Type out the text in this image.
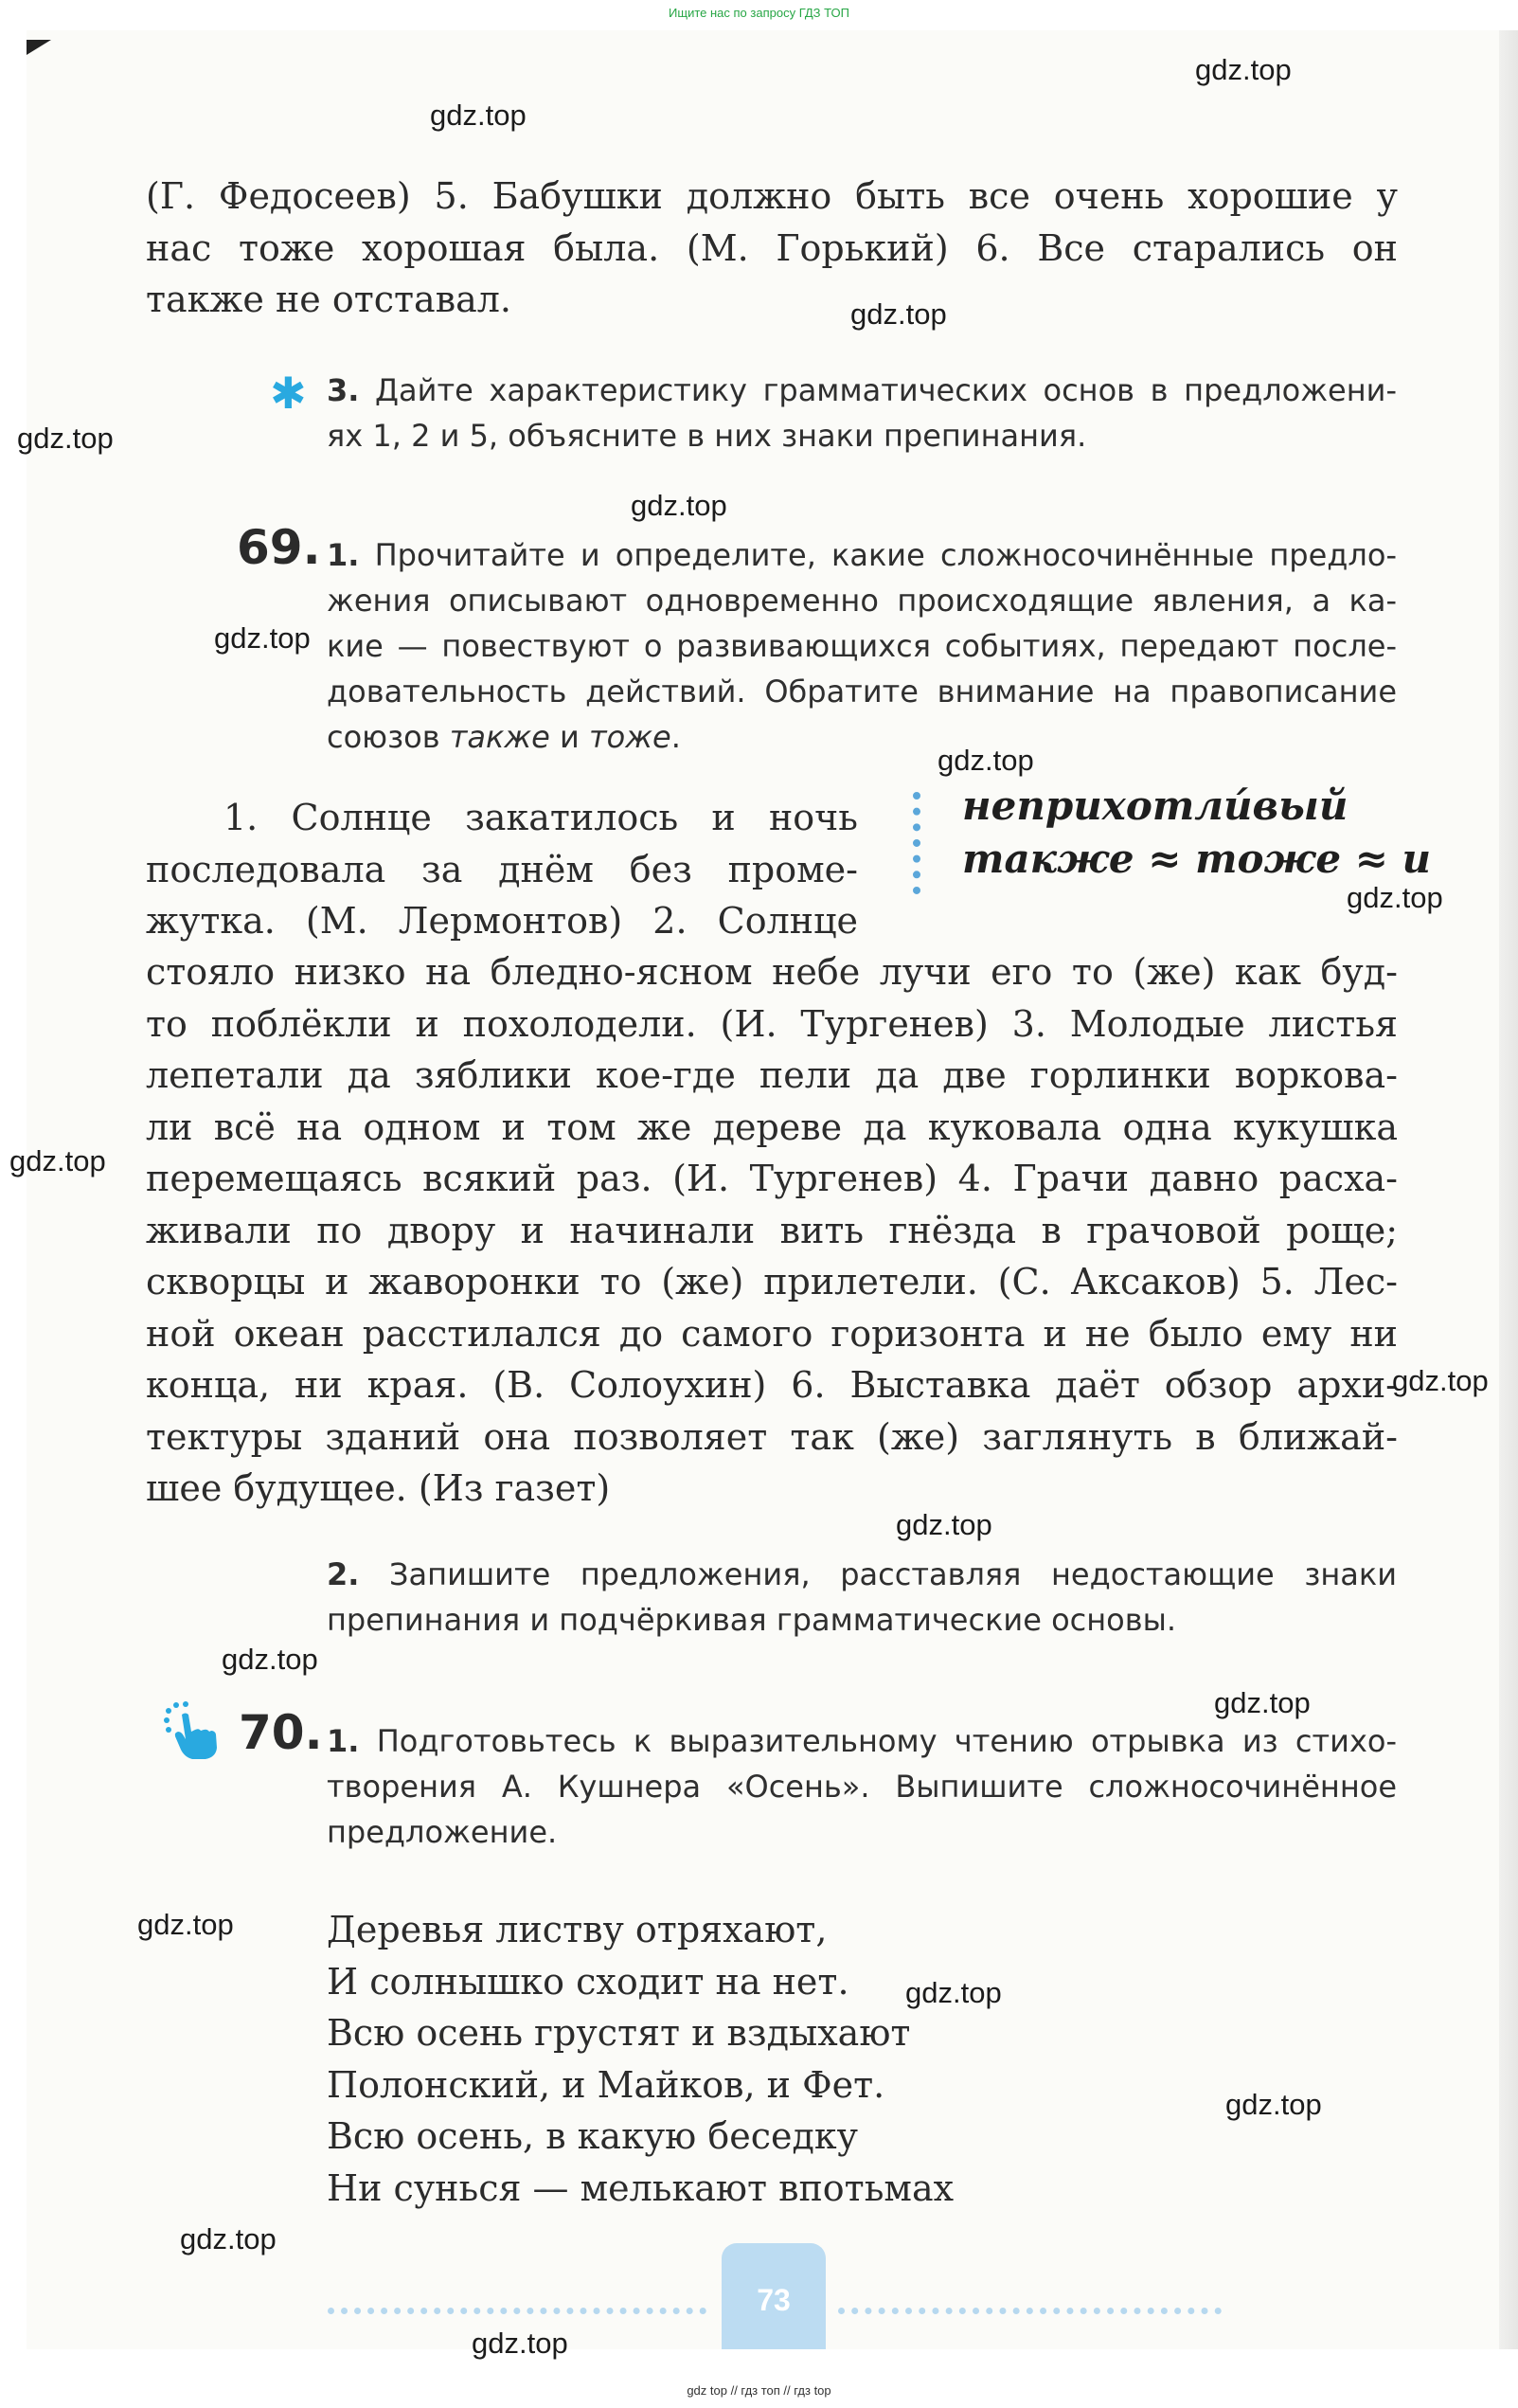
Ищите нас по запросу ГДЗ ТОП
(Г. Федосеев) 5. Бабушки должно быть все очень хорошие у
нас тоже хорошая была. (М. Горький) 6. Все старались он
также не отставал.
✱ 3. Дайте характеристику грамматических основ в предложени-
ях 1, 2 и 5, объясните в них знаки препинания.
69. 1. Прочитайте и определите, какие сложносочинённые предло-
жения описывают одновременно происходящие явления, а ка-
кие — повествуют о развивающихся событиях, передают после-
довательность действий. Обратите внимание на правописание
союзов также и тоже.
неприхотли́вый
также ≈ тоже ≈ и
1. Солнце закатилось и ночь
последовала за днём без проме-
жутка. (М. Лермонтов) 2. Солнце
стояло низко на бледно-ясном небе лучи его то (же) как буд-
то поблёкли и похолодели. (И. Тургенев) 3. Молодые листья
лепетали да зяблики кое-где пели да две горлинки воркова-
ли всё на одном и том же дереве да куковала одна кукушка
перемещаясь всякий раз. (И. Тургенев) 4. Грачи давно расха-
живали по двору и начинали вить гнёзда в грачовой роще;
скворцы и жаворонки то (же) прилетели. (С. Аксаков) 5. Лес-
ной океан расстилался до самого горизонта и не было ему ни
конца, ни края. (В. Солоухин) 6. Выставка даёт обзор архи-
тектуры зданий она позволяет так (же) заглянуть в ближай-
шее будущее. (Из газет)
2. Запишите предложения, расставляя недостающие знаки
препинания и подчёркивая грамматические основы.
70. 1. Подготовьтесь к выразительному чтению отрывка из стихо-
творения А. Кушнера «Осень». Выпишите сложносочинённое
предложение.
Деревья листву отряхают,
И солнышко сходит на нет.
Всю осень грустят и вздыхают
Полонский, и Майков, и Фет.
Всю осень, в какую беседку
Ни сунься — мелькают впотьмах
73
gdz.top
gdz.top
gdz.top
gdz.top
gdz.top
gdz.top
gdz.top
gdz.top
gdz.top
gdz.top
gdz.top
gdz.top
gdz.top
gdz.top
gdz.top
gdz.top
gdz.top
gdz.top
gdz top // гдз топ // гдз top
